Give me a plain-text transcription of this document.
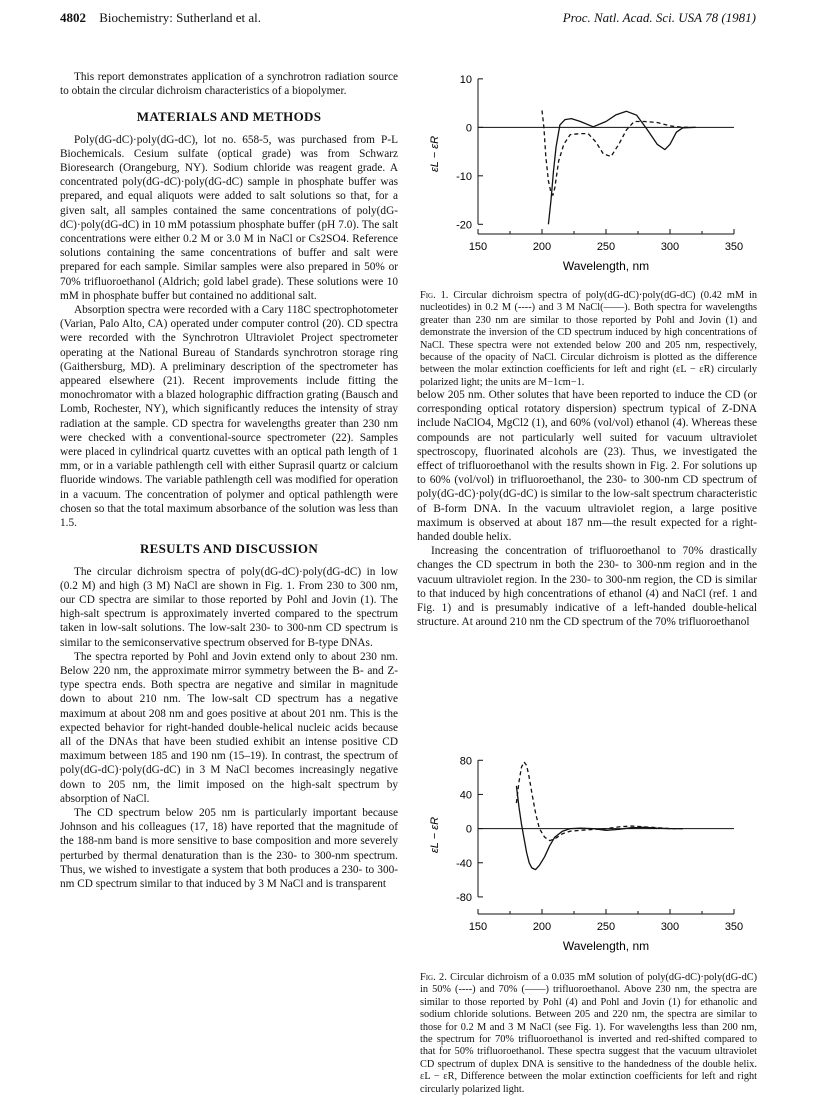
4802 Biochemistry: Sutherland et al.	Proc. Natl. Acad. Sci. USA 78 (1981)

This report demonstrates application of a synchrotron radiation source to obtain the circular dichroism characteristics of a biopolymer.

MATERIALS AND METHODS

Poly(dG-dC)·poly(dG-dC), lot no. 658-5, was purchased from P-L Biochemicals. Cesium sulfate (optical grade) was from Schwarz Bioresearch (Orangeburg, NY). Sodium chloride was reagent grade. A concentrated poly(dG-dC)·poly(dG-dC) sample in phosphate buffer was prepared, and equal aliquots were added to salt solutions so that, for a given salt, all samples contained the same concentrations of poly(dG-dC)·poly(dG-dC) in 10 mM potassium phosphate buffer (pH 7.0). The salt concentrations were either 0.2 M or 3.0 M in NaCl or Cs2SO4. Reference solutions containing the same concentrations of buffer and salt were prepared for each sample. Similar samples were also prepared in 50% or 70% trifluoroethanol (Aldrich; gold label grade). These solutions were 10 mM in phosphate buffer but contained no additional salt.

Absorption spectra were recorded with a Cary 118C spectrophotometer (Varian, Palo Alto, CA) operated under computer control (20). CD spectra were recorded with the Synchrotron Ultraviolet Project spectrometer operating at the National Bureau of Standards synchrotron storage ring (Gaithersburg, MD). A preliminary description of the spectrometer has appeared elsewhere (21). Recent improvements include fitting the monochromator with a blazed holographic diffraction grating (Bausch and Lomb, Rochester, NY), which significantly reduces the intensity of stray radiation at the sample. CD spectra for wavelengths greater than 230 nm were checked with a conventional-source spectrometer (22). Samples were placed in cylindrical quartz cuvettes with an optical path length of 1 mm, or in a variable pathlength cell with either Suprasil quartz or calcium fluoride windows. The variable pathlength cell was modified for operation in a vacuum. The concentration of polymer and optical pathlength were chosen so that the total maximum absorbance of the solution was less than 1.5.

RESULTS AND DISCUSSION

The circular dichroism spectra of poly(dG-dC)·poly(dG-dC) in low (0.2 M) and high (3 M) NaCl are shown in Fig. 1. From 230 to 300 nm, our CD spectra are similar to those reported by Pohl and Jovin (1). The high-salt spectrum is approximately inverted compared to the spectrum taken in low-salt solutions. The low-salt 230- to 300-nm CD spectrum is similar to the semiconservative spectrum observed for B-type DNAs.

The spectra reported by Pohl and Jovin extend only to about 230 nm. Below 220 nm, the approximate mirror symmetry between the B- and Z-type spectra ends. Both spectra are negative and similar in magnitude down to about 210 nm. The low-salt CD spectrum has a negative maximum at about 208 nm and goes positive at about 201 nm. This is the expected behavior for right-handed double-helical nucleic acids because all of the DNAs that have been studied exhibit an intense positive CD maximum between 185 and 190 nm (15–19). In contrast, the spectrum of poly(dG-dC)·poly(dG-dC) in 3 M NaCl becomes increasingly negative down to 205 nm, the limit imposed on the high-salt spectrum by absorption of NaCl.

The CD spectrum below 205 nm is particularly important because Johnson and his colleagues (17, 18) have reported that the magnitude of the 188-nm band is more sensitive to base composition and more severely perturbed by thermal denaturation than is the 230- to 300-nm spectrum. Thus, we wished to investigate a system that both produces a 230- to 300-nm CD spectrum similar to that induced by 3 M NaCl and is transparent

10
0
-10
-20
150	200	250	300	350
Wavelength, nm
εL − εR
Fig. 1. Circular dichroism spectra of poly(dG-dC)·poly(dG-dC) (0.42 mM in nucleotides) in 0.2 M (----) and 3 M NaCl(——). Both spectra for wavelengths greater than 230 nm are similar to those reported by Pohl and Jovin (1) and demonstrate the inversion of the CD spectrum induced by high concentrations of NaCl. These spectra were not extended below 200 and 205 nm, respectively, because of the opacity of NaCl. Circular dichroism is plotted as the difference between the molar extinction coefficients for left and right (εL − εR) circularly polarized light; the units are M−1cm−1.

below 205 nm. Other solutes that have been reported to induce the CD (or corresponding optical rotatory dispersion) spectrum typical of Z-DNA include NaClO4, MgCl2 (1), and 60% (vol/vol) ethanol (4). Whereas these compounds are not particularly well suited for vacuum ultraviolet spectroscopy, fluorinated alcohols are (23). Thus, we investigated the effect of trifluoroethanol with the results shown in Fig. 2. For solutions up to 60% (vol/vol) in trifluoroethanol, the 230- to 300-nm CD spectrum of poly(dG-dC)·poly(dG-dC) is similar to the low-salt spectrum characteristic of B-form DNA. In the vacuum ultraviolet region, a large positive maximum is observed at about 187 nm—the result expected for a right-handed double helix.

Increasing the concentration of trifluoroethanol to 70% drastically changes the CD spectrum in both the 230- to 300-nm region and in the vacuum ultraviolet region. In the 230- to 300-nm region, the CD is similar to that induced by high concentrations of ethanol (4) and NaCl (ref. 1 and Fig. 1) and is presumably indicative of a left-handed double-helical structure. At around 210 nm the CD spectrum of the 70% trifluoroethanol

80
40
0
-40
-80
150	200	250	300	350
Wavelength, nm
εL − εR
Fig. 2. Circular dichroism of a 0.035 mM solution of poly(dG-dC)·poly(dG-dC) in 50% (----) and 70% (——) trifluoroethanol. Above 230 nm, the spectra are similar to those reported by Pohl (4) and Pohl and Jovin (1) for ethanolic and sodium chloride solutions. Between 205 and 220 nm, the spectra are similar to those for 0.2 M and 3 M NaCl (see Fig. 1). For wavelengths less than 200 nm, the spectrum for 70% trifluoroethanol is inverted and red-shifted compared to that for 50% trifluoroethanol. These spectra suggest that the vacuum ultraviolet CD spectrum of duplex DNA is sensitive to the handedness of the double helix. εL − εR, Difference between the molar extinction coefficients for left and right circularly polarized light.
